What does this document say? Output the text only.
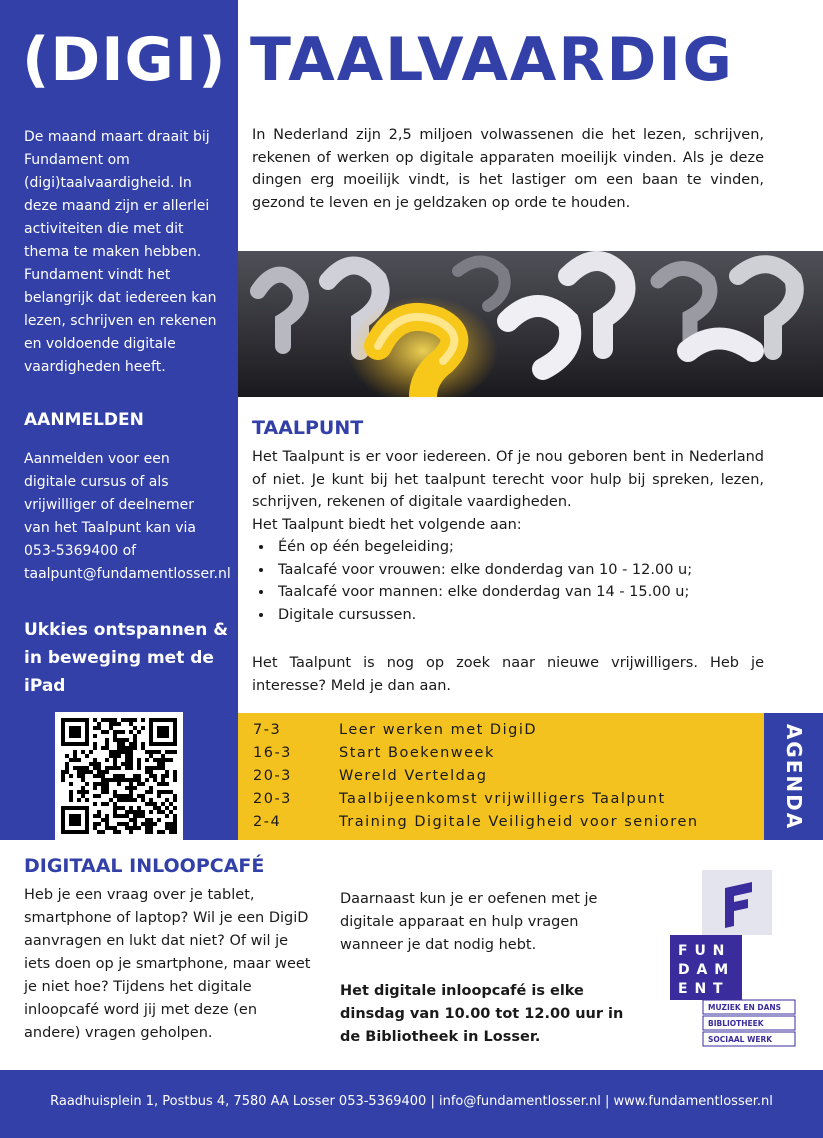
(DIGI)
De maand maart draait bij Fundament om (digi)taalvaardigheid. In deze maand zijn er allerlei activiteiten die met dit thema te maken hebben. Fundament vindt het belangrijk dat iedereen kan lezen, schrijven en rekenen en voldoende digitale vaardigheden heeft.
AANMELDEN
Aanmelden voor een digitale cursus of als vrijwilliger of deelnemer van het Taalpunt kan via 053-5369400 of taalpunt@fundamentlosser.nl
Ukkies ontspannen & in beweging met de iPad
TAALVAARDIG
In Nederland zijn 2,5 miljoen volwassenen die het lezen, schrijven, rekenen of werken op digitale apparaten moeilijk vinden. Als je deze dingen erg moeilijk vindt, is het lastiger om een baan te vinden, gezond te leven en je geldzaken op orde te houden.
TAALPUNT

Het Taalpunt is er voor iedereen. Of je nou geboren bent in Nederland of niet. Je kunt bij het taalpunt terecht voor hulp bij spreken, lezen, schrijven, rekenen of digitale vaardigheden.

Het Taalpunt biedt het volgende aan:

• Één op één begeleiding;
• Taalcafé voor vrouwen: elke donderdag van 10 - 12.00 u;
• Taalcafé voor mannen: elke donderdag van 14 - 15.00 u;
• Digitale cursussen.
Het Taalpunt is nog op zoek naar nieuwe vrijwilligers. Heb je interesse? Meld je dan aan.
7-3	Leer werken met DigiD
16-3	Start Boekenweek
20-3	Wereld Verteldag
20-3	Taalbijeenkomst vrijwilligers Taalpunt
2-4	Training Digitale Veiligheid voor senioren	AGENDA
DIGITAAL INLOOPCAFÉ
Heb je een vraag over je tablet, smartphone of laptop? Wil je een DigiD aanvragen en lukt dat niet? Of wil je iets doen op je smartphone, maar weet je niet hoe? Tijdens het digitale inloopcafé word jij met deze (en andere) vragen geholpen.
Daarnaast kun je er oefenen met je digitale apparaat en hulp vragen wanneer je dat nodig hebt.
Het digitale inloopcafé is elke dinsdag van 10.00 tot 12.00 uur in de Bibliotheek in Losser.
F
F U N
D A M
E N T
MUZIEK EN DANS
BIBLIOTHEEK
SOCIAAL WERK
Raadhuisplein 1, Postbus 4, 7580 AA Losser 053-5369400 | info@fundamentlosser.nl | www.fundamentlosser.nl
